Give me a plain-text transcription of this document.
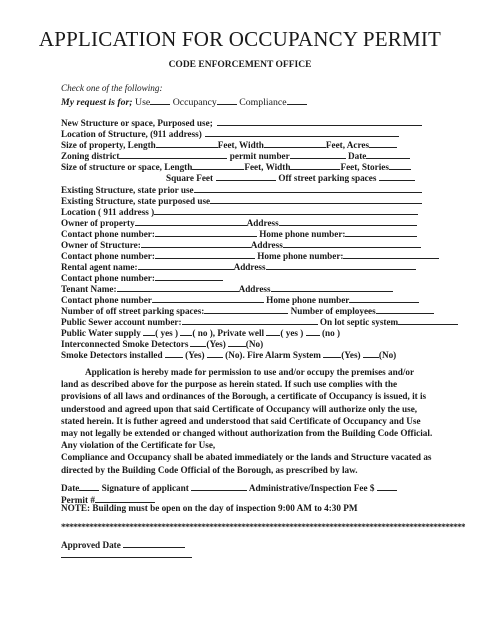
APPLICATION FOR OCCUPANCY PERMIT
CODE ENFORCEMENT OFFICE
Check one of the following:
My request is for; Use Occupancy Compliance
New Structure or space, Purposed use;
Location of Structure, (911 address)
Size of property, Length	Feet, Width	Feet, Acres
Zoning district	permit number	Date
Size of structure or space, Length	Feet, Width	Feet, Stories
Square Feet	Off street parking spaces
Existing Structure, state prior use
Existing Structure, state purposed use
Location ( 911 address )
Owner of property	Address
Contact phone number:	Home phone number:
Owner of Structure:	Address
Contact phone number:	Home phone number:
Rental agent name:	Address
Contact phone number:
Tenant Name:	Address
Contact phone number	Home phone number
Number of off street parking spaces:	Number of employees
Public Sewer account number:	On lot septic system
Public Water supply ( yes ) ( no ), Private well ( yes ) (no )
Interconnected Smoke Detectors (Yes) (No)
Smoke Detectors installed (Yes) (No). Fire Alarm System (Yes) (No)
Application is hereby made for permission to use and/or occupy the premises and/or land as described above for the purpose as herein stated. If such use complies with the provisions of all laws and ordinances of the Borough, a certificate of Occupancy is issued, it is understood and agreed upon that said Certificate of Occupancy will authorize only the use, stated herein. It is futher agreed and understood that said Certificate of Occupancy and Use may not legally be extended or changed without authorization from the Building Code Official. Any violation of the Certificate for Use,
Compliance and Occupancy shall be abated immediately or the lands and Structure vacated as directed by the Building Code Official of the Borough, as prescribed by law.
Date Signature of applicant	Administrative/Inspection Fee $
Permit #
NOTE: Building must be open on the day of inspection 9:00 AM to 4:30 PM
*****************************************************************************************************
Approved Date
